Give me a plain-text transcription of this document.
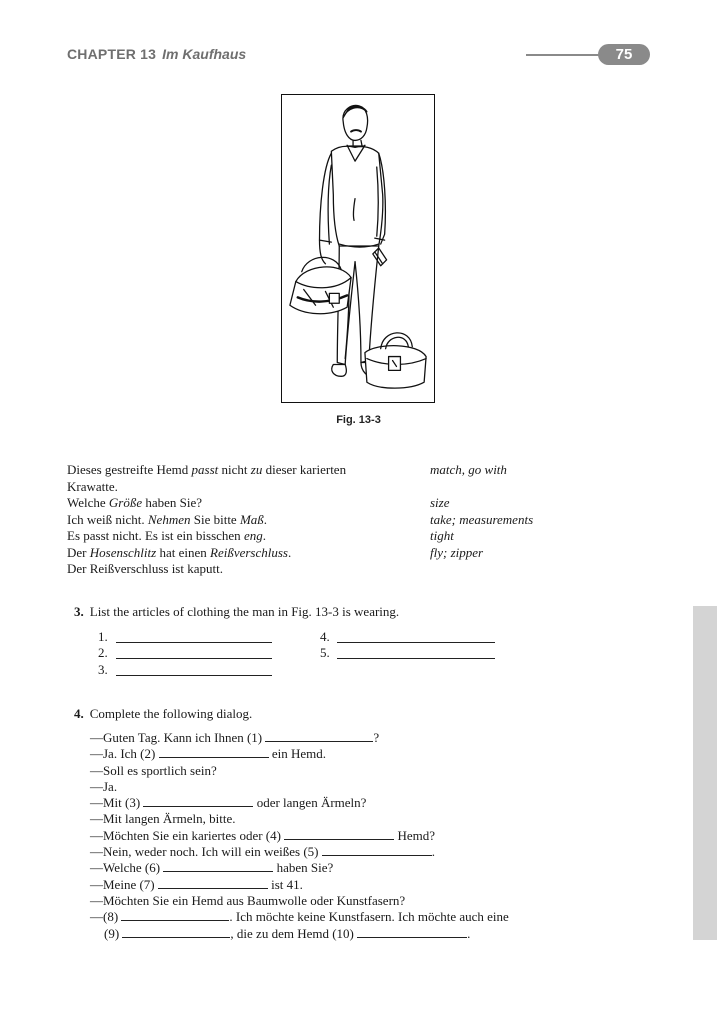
CHAPTER 13 Im Kaufhaus	75
Fig. 13-3
Dieses gestreifte Hemd passt nicht zu dieser karierten	match, go with
Krawatte.
Welche Größe haben Sie?	size
Ich weiß nicht. Nehmen Sie bitte Maß.	take; measurements
Es passt nicht. Es ist ein bisschen eng.	tight
Der Hosenschlitz hat einen Reißverschluss.	fly; zipper
Der Reißverschluss ist kaputt.
3. List the articles of clothing the man in Fig. 13-3 is wearing.
1.	4.
2.	5.
3.
4. Complete the following dialog.
—Guten Tag. Kann ich Ihnen (1)	?
—Ja. Ich (2)	ein Hemd.
—Soll es sportlich sein?
—Ja.
—Mit (3)	oder langen Ärmeln?
—Mit langen Ärmeln, bitte.
—Möchten Sie ein kariertes oder (4)	Hemd?
—Nein, weder noch. Ich will ein weißes (5)	.
—Welche (6)	haben Sie?
—Meine (7)	ist 41.
—Möchten Sie ein Hemd aus Baumwolle oder Kunstfasern?
—(8)	. Ich möchte keine Kunstfasern. Ich möchte auch eine
(9)	, die zu dem Hemd (10)	.
